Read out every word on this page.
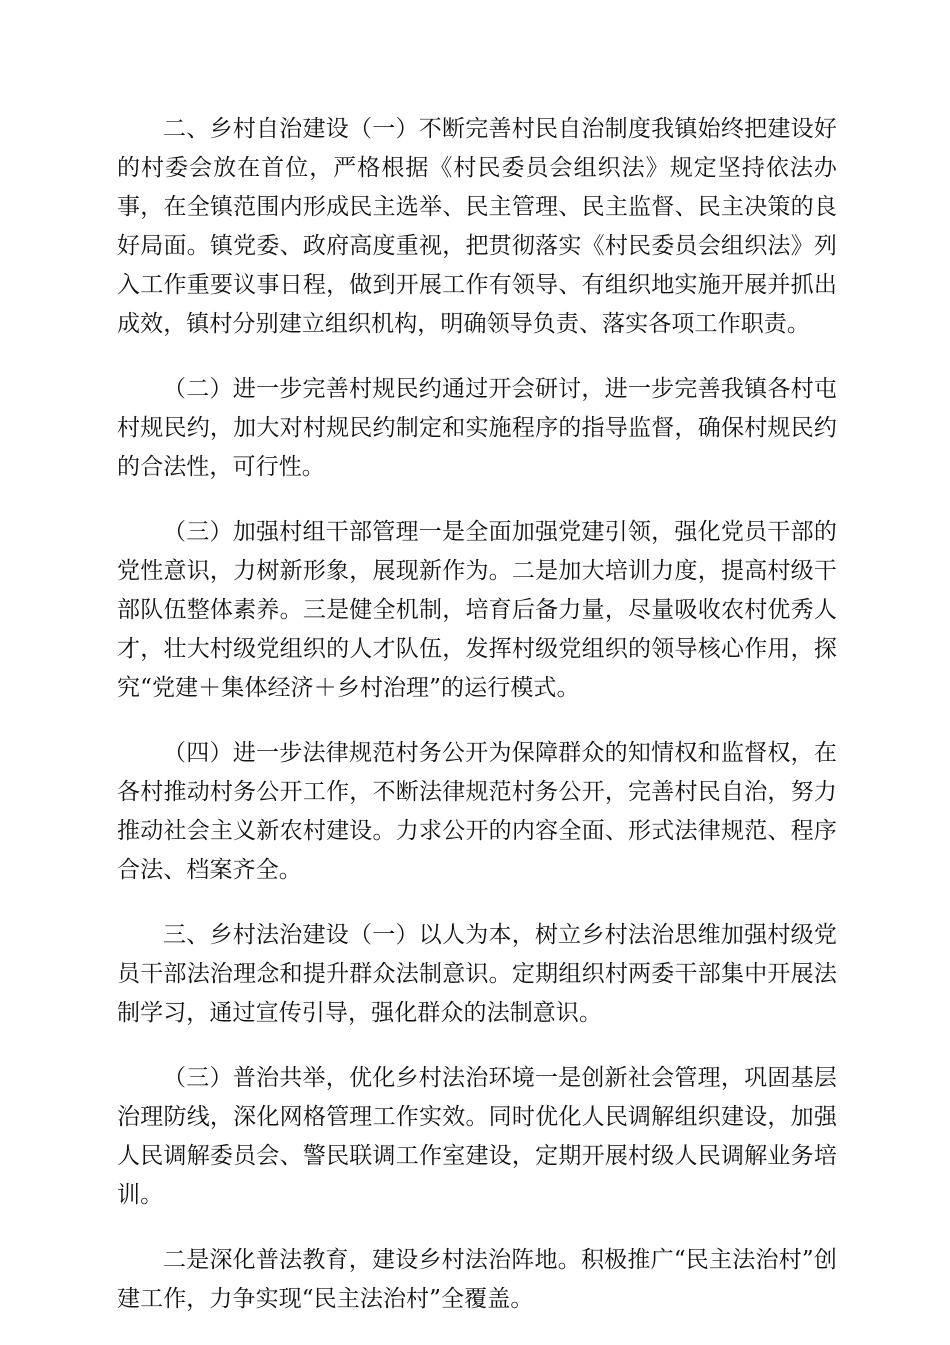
二、乡村自治建设（一）不断完善村民自治制度我镇始终把建设好的村委会放在首位，严格根据《村民委员会组织法》规定坚持依法办事，在全镇范围内形成民主选举、民主管理、民主监督、民主决策的良好局面。镇党委、政府高度重视，把贯彻落实《村民委员会组织法》列入工作重要议事日程，做到开展工作有领导、有组织地实施开展并抓出成效，镇村分别建立组织机构，明确领导负责、落实各项工作职责。

（二）进一步完善村规民约通过开会研讨，进一步完善我镇各村屯村规民约，加大对村规民约制定和实施程序的指导监督，确保村规民约的合法性，可行性。

（三）加强村组干部管理一是全面加强党建引领，强化党员干部的党性意识，力树新形象，展现新作为。二是加大培训力度，提高村级干部队伍整体素养。三是健全机制，培育后备力量，尽量吸收农村优秀人才，壮大村级党组织的人才队伍，发挥村级党组织的领导核心作用，探究“党建＋集体经济＋乡村治理”的运行模式。

（四）进一步法律规范村务公开为保障群众的知情权和监督权，在各村推动村务公开工作，不断法律规范村务公开，完善村民自治，努力推动社会主义新农村建设。力求公开的内容全面、形式法律规范、程序合法、档案齐全。

三、乡村法治建设（一）以人为本，树立乡村法治思维加强村级党员干部法治理念和提升群众法制意识。定期组织村两委干部集中开展法制学习，通过宣传引导，强化群众的法制意识。

（三）普治共举，优化乡村法治环境一是创新社会管理，巩固基层治理防线，深化网格管理工作实效。同时优化人民调解组织建设，加强人民调解委员会、警民联调工作室建设，定期开展村级人民调解业务培训。

二是深化普法教育，建设乡村法治阵地。积极推广“民主法治村”创建工作，力争实现“民主法治村”全覆盖。
